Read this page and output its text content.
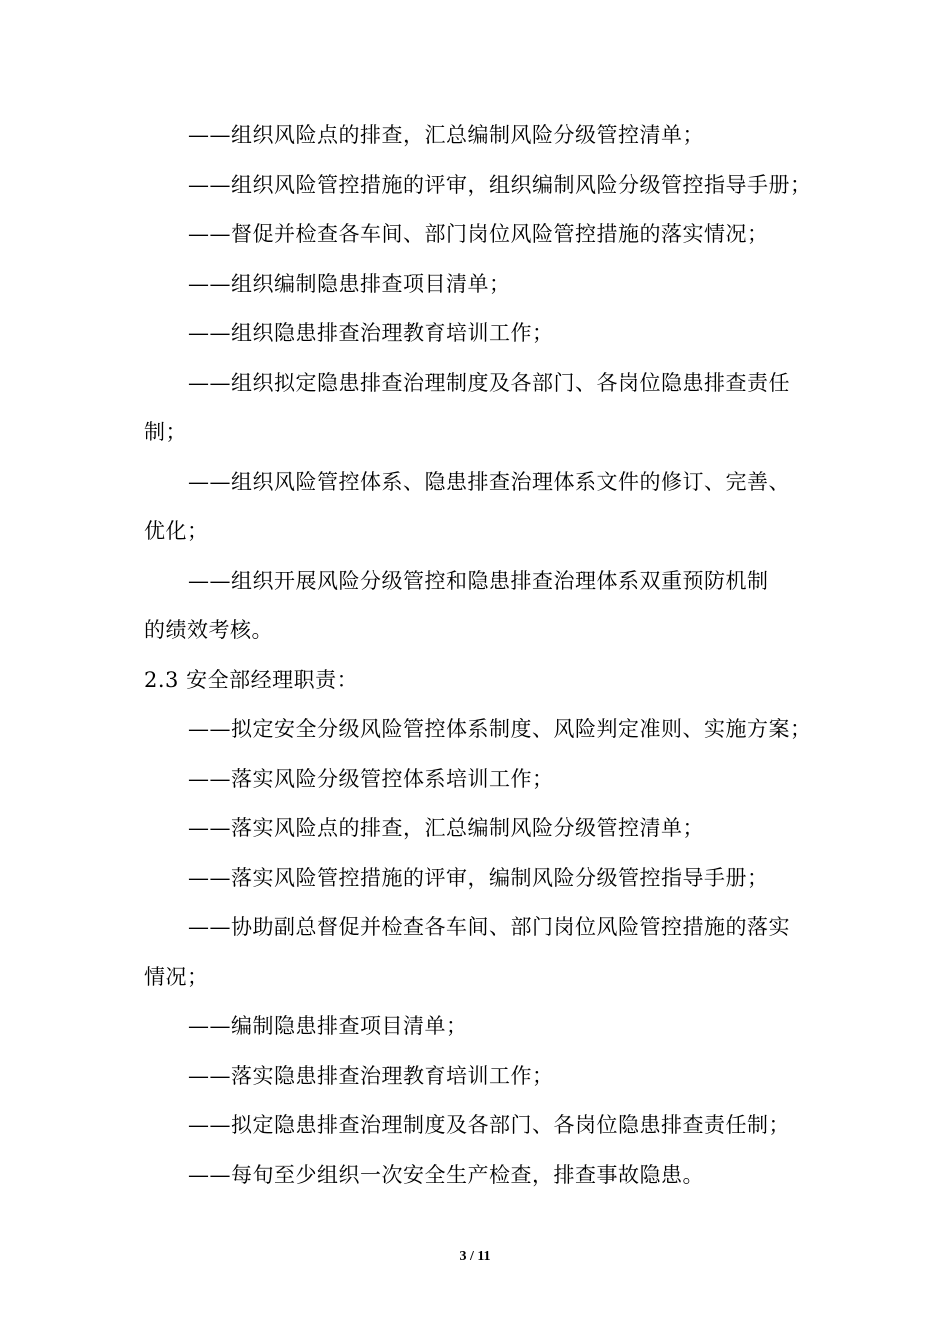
——组织风险点的排查，汇总编制风险分级管控清单；
——组织风险管控措施的评审，组织编制风险分级管控指导手册；
——督促并检查各车间、部门岗位风险管控措施的落实情况；
——组织编制隐患排查项目清单；
——组织隐患排查治理教育培训工作；
——组织拟定隐患排查治理制度及各部门、各岗位隐患排查责任
制；
——组织风险管控体系、隐患排查治理体系文件的修订、完善、
优化；
——组织开展风险分级管控和隐患排查治理体系双重预防机制
的绩效考核。
2.3 安全部经理职责：
——拟定安全分级风险管控体系制度、风险判定准则、实施方案；
——落实风险分级管控体系培训工作；
——落实风险点的排查，汇总编制风险分级管控清单；
——落实风险管控措施的评审，编制风险分级管控指导手册；
——协助副总督促并检查各车间、部门岗位风险管控措施的落实
情况；
——编制隐患排查项目清单；
——落实隐患排查治理教育培训工作；
——拟定隐患排查治理制度及各部门、各岗位隐患排查责任制；
——每旬至少组织一次安全生产检查，排查事故隐患。
3 / 11
